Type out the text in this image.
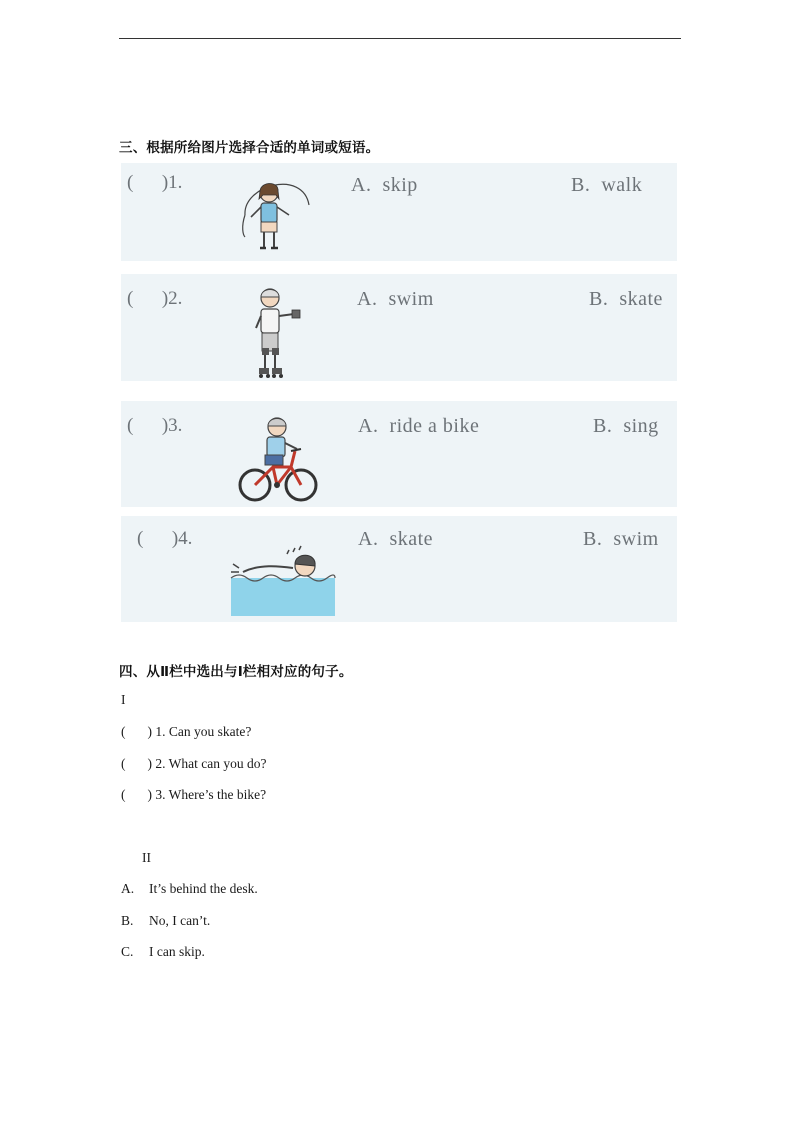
三、根据所给图片选择合适的单词或短语。
(      )1.	A.  skip	B.  walk
(      )2.	A.  swim	B.  skate
(      )3.	A.  ride a bike	B.  sing
(      )4.	A.  skate	B.  swim
四、从Ⅱ栏中选出与Ⅰ栏相对应的句子。
I
( ) 1. Can you skate?
( ) 2. What can you do?
( ) 3. Where’s the bike?
II
A. It’s behind the desk.
B. No, I can’t.
C. I can skip.
